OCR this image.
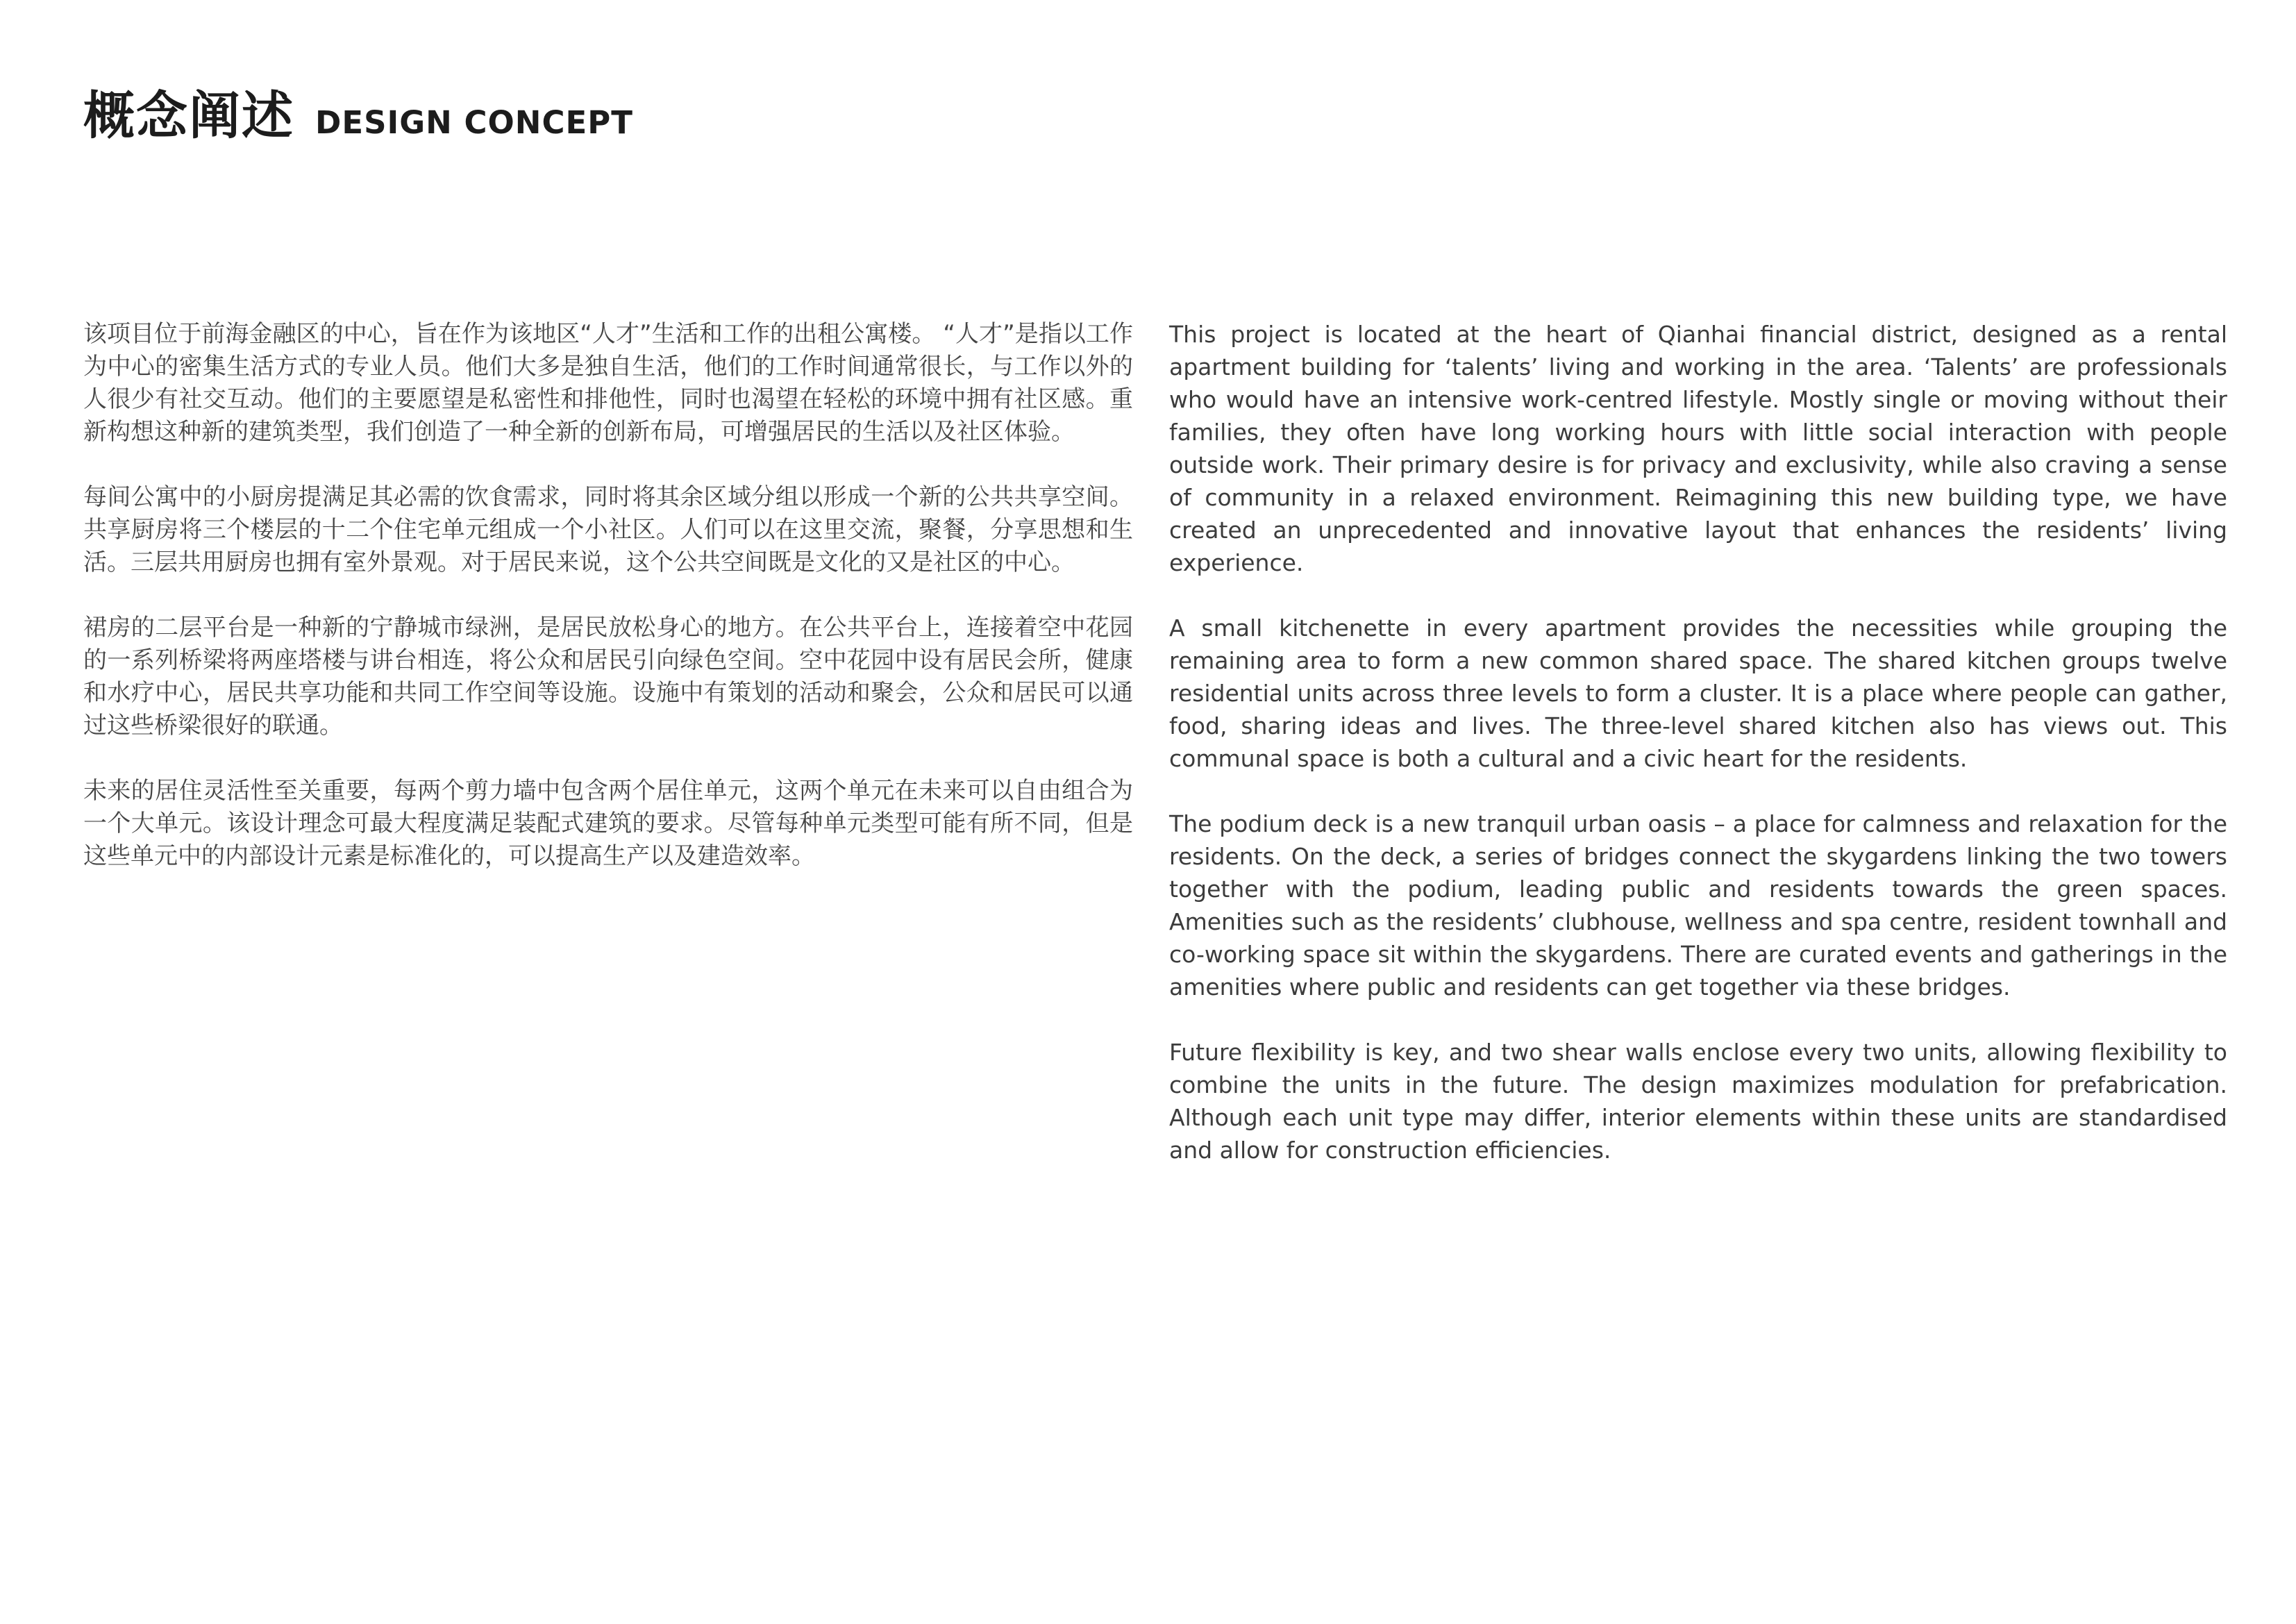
概念阐述 DESIGN CONCEPT

该项目位于前海金融区的中心，旨在作为该地区“人才”生活和工作的出租公寓楼。 “人才”是指以工作为中心的密集生活方式的专业人员。他们大多是独自生活，他们的工作时间通常很长，与工作以外的人很少有社交互动。他们的主要愿望是私密性和排他性，同时也渴望在轻松的环境中拥有社区感。重新构想这种新的建筑类型，我们创造了一种全新的创新布局，可增强居民的生活以及社区体验。

每间公寓中的小厨房提满足其必需的饮食需求，同时将其余区域分组以形成一个新的公共共享空间。共享厨房将三个楼层的十二个住宅单元组成一个小社区。人们可以在这里交流，聚餐，分享思想和生活。三层共用厨房也拥有室外景观。对于居民来说，这个公共空间既是文化的又是社区的中心。

裙房的二层平台是一种新的宁静城市绿洲，是居民放松身心的地方。在公共平台上，连接着空中花园的一系列桥梁将两座塔楼与讲台相连，将公众和居民引向绿色空间。空中花园中设有居民会所，健康和水疗中心，居民共享功能和共同工作空间等设施。设施中有策划的活动和聚会，公众和居民可以通过这些桥梁很好的联通。

未来的居住灵活性至关重要，每两个剪力墙中包含两个居住单元，这两个单元在未来可以自由组合为一个大单元。该设计理念可最大程度满足装配式建筑的要求。尽管每种单元类型可能有所不同，但是这些单元中的内部设计元素是标准化的，可以提高生产以及建造效率。

This project is located at the heart of Qianhai financial district, designed as a rental apartment building for ‘talents’ living and working in the area. ‘Talents’ are professionals who would have an intensive work-centred lifestyle. Mostly single or moving without their families, they often have long working hours with little social interaction with people outside work. Their primary desire is for privacy and exclusivity, while also craving a sense of community in a relaxed environment. Reimagining this new building type, we have created an unprecedented and innovative layout that enhances the residents’ living experience.

A small kitchenette in every apartment provides the necessities while grouping the remaining area to form a new common shared space. The shared kitchen groups twelve residential units across three levels to form a cluster. It is a place where people can gather, food, sharing ideas and lives. The three-level shared kitchen also has views out. This communal space is both a cultural and a civic heart for the residents.

The podium deck is a new tranquil urban oasis – a place for calmness and relaxation for the residents. On the deck, a series of bridges connect the skygardens linking the two towers together with the podium, leading public and residents towards the green spaces. Amenities such as the residents’ clubhouse, wellness and spa centre, resident townhall and co-working space sit within the skygardens. There are curated events and gatherings in the amenities where public and residents can get together via these bridges.

Future flexibility is key, and two shear walls enclose every two units, allowing flexibility to combine the units in the future. The design maximizes modulation for prefabrication. Although each unit type may differ, interior elements within these units are standardised and allow for construction efficiencies.
